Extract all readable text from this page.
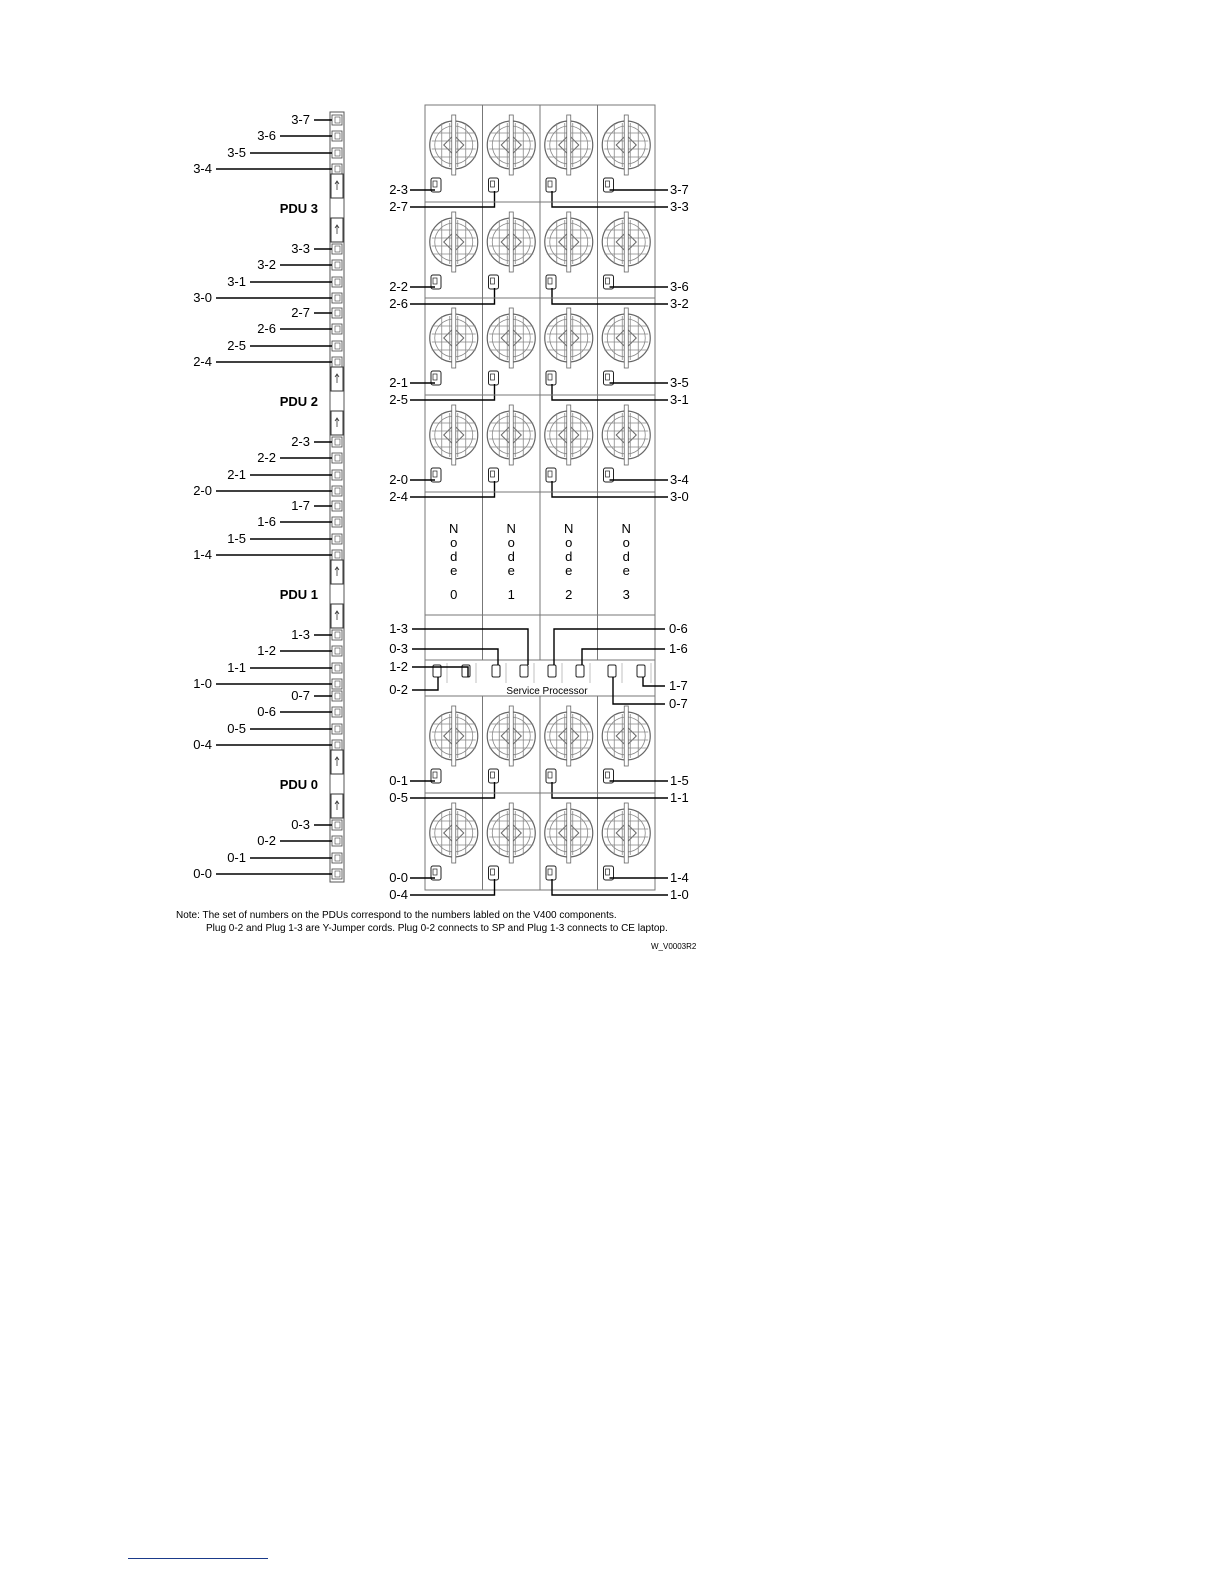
3-7
3-6
3-5
3-4
3-3
3-2
3-1
3-0
PDU 3
2-7
2-6
2-5
2-4
2-3
2-2
2-1
2-0
PDU 2
1-7
1-6
1-5
1-4
1-3
1-2
1-1
1-0
PDU 1
0-7
0-6
0-5
0-4
0-3
0-2
0-1
0-0
PDU 0
2-3
2-7
3-7
3-3
2-2
2-6
3-6
3-2
2-1
2-5
3-5
3-1
2-0
2-4
3-4
3-0
0-1
0-5
1-5
1-1
0-0
0-4
1-4
1-0
N
o
d
e
0
N
o
d
e
1
N
o
d
e
2
N
o
d
e
3
Service Processor
1-3
0-3
1-2
0-2
0-6
1-6
1-7
0-7
Note: The set of numbers on the PDUs correspond to the numbers labled on the V400 components.
Plug 0-2 and Plug 1-3 are Y-Jumper cords. Plug 0-2 connects to SP and Plug 1-3 connects to CE laptop.
W_V0003R2
